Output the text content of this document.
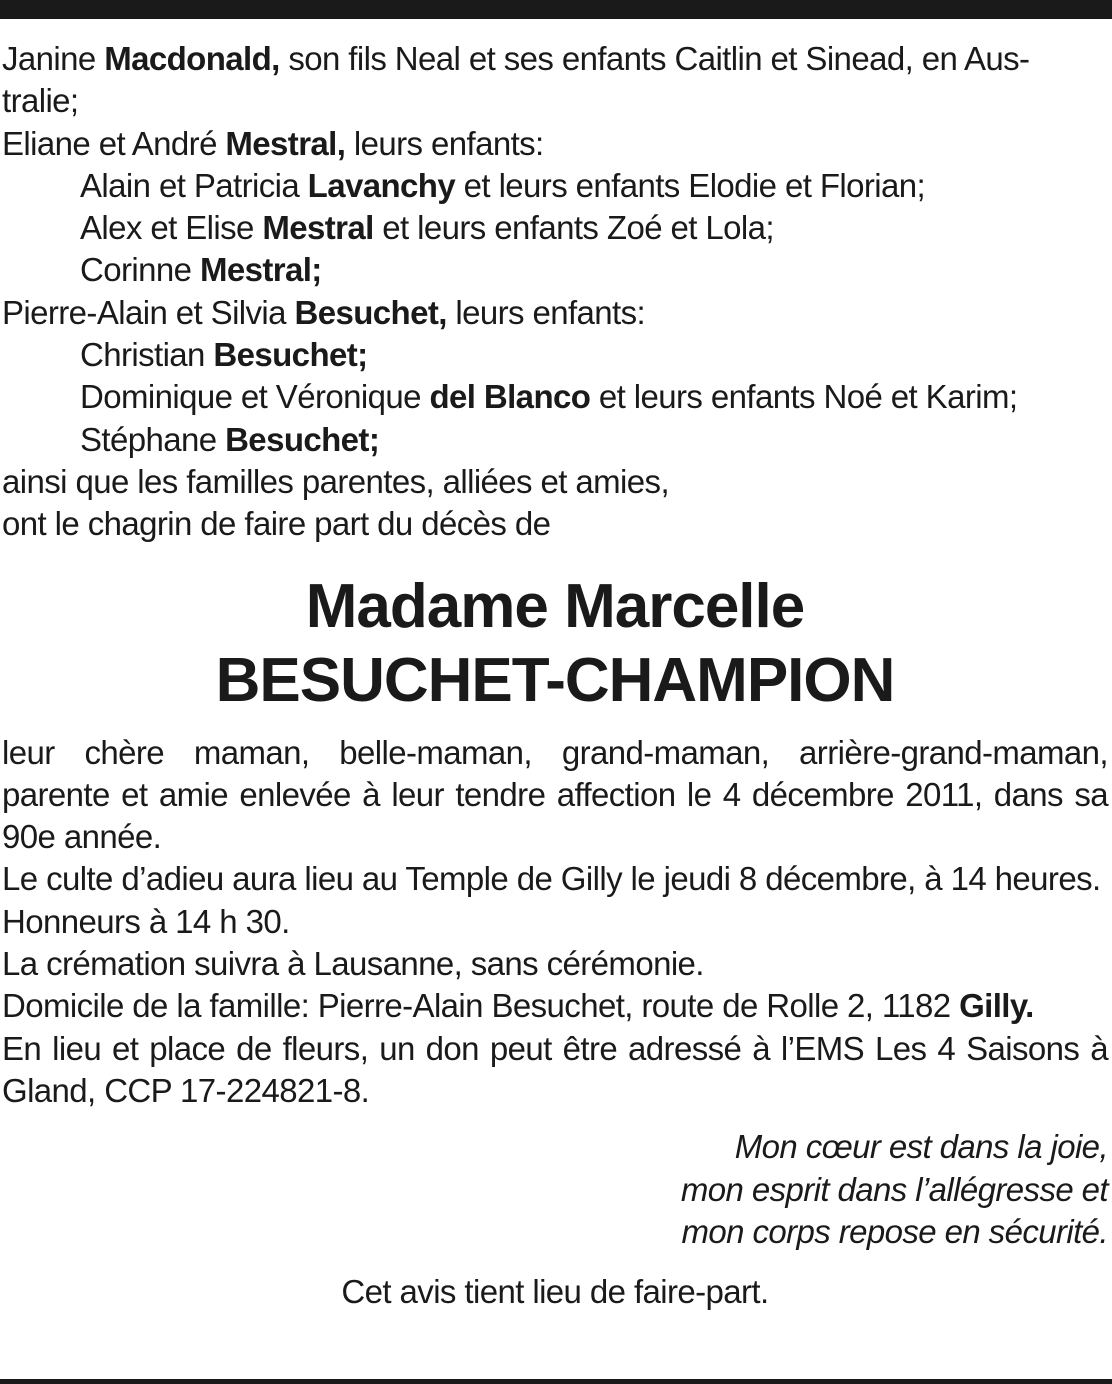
Janine Macdonald, son fils Neal et ses enfants Caitlin et Sinead, en Aus-
tralie;
Eliane et André Mestral, leurs enfants:
Alain et Patricia Lavanchy et leurs enfants Elodie et Florian;
Alex et Elise Mestral et leurs enfants Zoé et Lola;
Corinne Mestral;
Pierre-Alain et Silvia Besuchet, leurs enfants:
Christian Besuchet;
Dominique et Véronique del Blanco et leurs enfants Noé et Karim;
Stéphane Besuchet;
ainsi que les familles parentes, alliées et amies,
ont le chagrin de faire part du décès de
Madame Marcelle
BESUCHET-CHAMPION
leur chère maman, belle-maman, grand-maman, arrière-grand-maman, parente et amie enlevée à leur tendre affection le 4 décembre 2011, dans sa 90e année.
Le culte d’adieu aura lieu au Temple de Gilly le jeudi 8 décembre, à 14 heures.
Honneurs à 14 h 30.
La crémation suivra à Lausanne, sans cérémonie.
Domicile de la famille: Pierre-Alain Besuchet, route de Rolle 2, 1182 Gilly.
En lieu et place de fleurs, un don peut être adressé à l’EMS Les 4 Saisons à Gland, CCP 17-224821-8.
Mon cœur est dans la joie,
mon esprit dans l’allégresse et
mon corps repose en sécurité.
Cet avis tient lieu de faire-part.
